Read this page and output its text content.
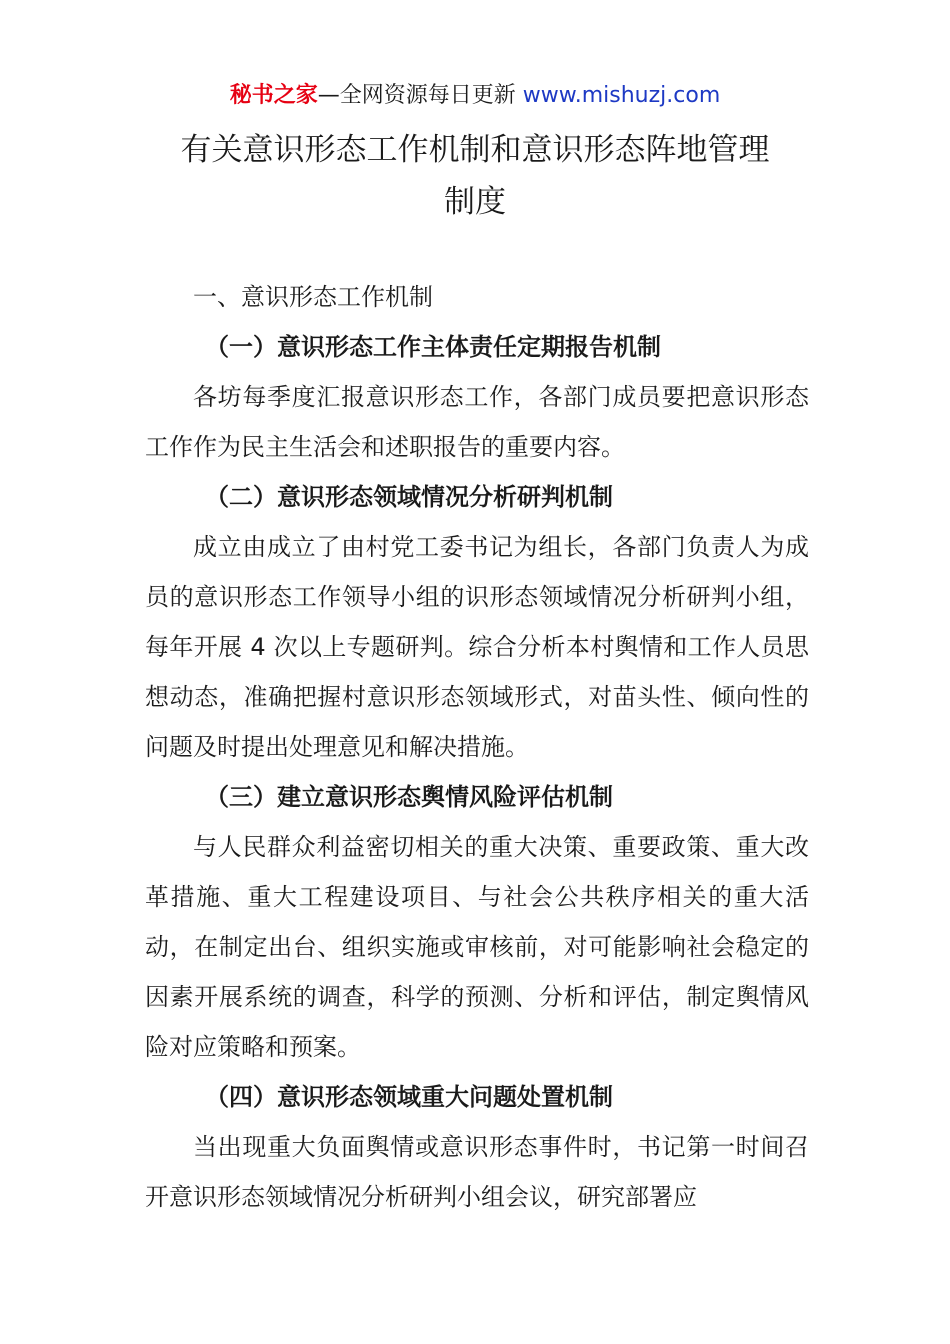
秘书之家—全网资源每日更新 www.mishuzj.com
有关意识形态工作机制和意识形态阵地管理
制度

一、意识形态工作机制

（一）意识形态工作主体责任定期报告机制

各坊每季度汇报意识形态工作，各部门成员要把意识形态工作作为民主生活会和述职报告的重要内容。

（二）意识形态领域情况分析研判机制

成立由成立了由村党工委书记为组长，各部门负责人为成员的意识形态工作领导小组的识形态领域情况分析研判小组，每年开展 4 次以上专题研判。综合分析本村舆情和工作人员思想动态，准确把握村意识形态领域形式，对苗头性、倾向性的问题及时提出处理意见和解决措施。

（三）建立意识形态舆情风险评估机制

与人民群众利益密切相关的重大决策、重要政策、重大改革措施、重大工程建设项目、与社会公共秩序相关的重大活动，在制定出台、组织实施或审核前，对可能影响社会稳定的因素开展系统的调查，科学的预测、分析和评估，制定舆情风险对应策略和预案。

（四）意识形态领域重大问题处置机制

当出现重大负面舆情或意识形态事件时，书记第一时间召开意识形态领域情况分析研判小组会议，研究部署应
